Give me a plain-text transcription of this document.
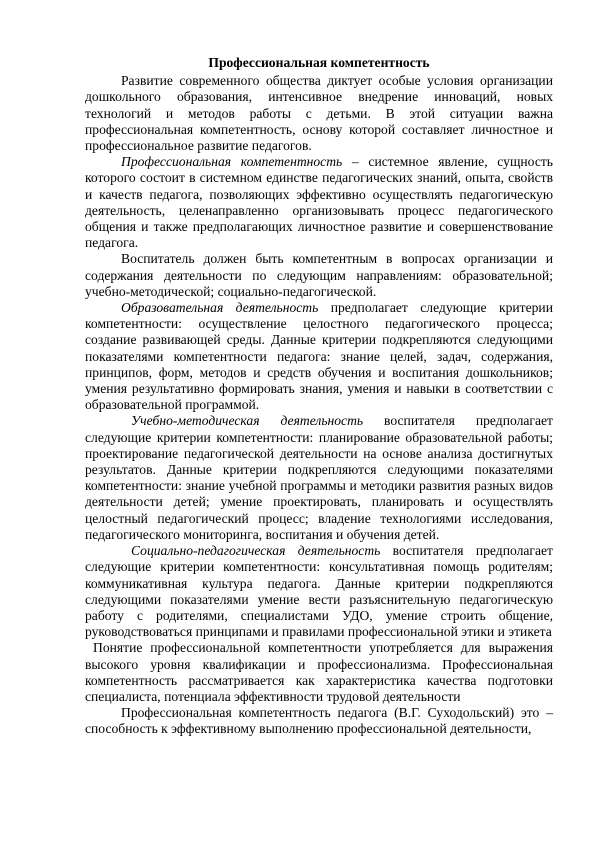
Профессиональная компетентность

Развитие современного общества диктует особые условия организации дошкольного образования, интенсивное внедрение инноваций, новых технологий и методов работы с детьми. В этой ситуации важна профессиональная компетентность, основу которой составляет личностное и профессиональное развитие педагогов.

Профессиональная компетентность – системное явление, сущность которого состоит в системном единстве педагогических знаний, опыта, свойств и качеств педагога, позволяющих эффективно осуществлять педагогическую деятельность, целенаправленно организовывать процесс педагогического общения и также предполагающих личностное развитие и совершенствование педагога.

Воспитатель должен быть компетентным в вопросах организации и содержания деятельности по следующим направлениям: образовательной; учебно-методической; социально-педагогической.

Образовательная деятельность предполагает следующие критерии компетентности: осуществление целостного педагогического процесса; создание развивающей среды. Данные критерии подкрепляются следующими показателями компетентности педагога: знание целей, задач, содержания, принципов, форм, методов и средств обучения и воспитания дошкольников; умения результативно формировать знания, умения и навыки в соответствии с образовательной программой.

Учебно-методическая деятельность воспитателя предполагает следующие критерии компетентности: планирование образовательной работы; проектирование педагогической деятельности на основе анализа достигнутых результатов. Данные критерии подкрепляются следующими показателями компетентности: знание учебной программы и методики развития разных видов деятельности детей; умение проектировать, планировать и осуществлять целостный педагогический процесс; владение технологиями исследования, педагогического мониторинга, воспитания и обучения детей.

Социально-педагогическая деятельность воспитателя предполагает следующие критерии компетентности: консультативная помощь родителям; коммуникативная культура педагога. Данные критерии подкрепляются следующими показателями умение вести разъяснительную педагогическую работу с родителями, специалистами УДО, умение строить общение, руководствоваться принципами и правилами профессиональной этики и этикета

Понятие профессиональной компетентности употребляется для выражения высокого уровня квалификации и профессионализма. Профессиональная компетентность рассматривается как характеристика качества подготовки специалиста, потенциала эффективности трудовой деятельности

Профессиональная компетентность педагога (В.Г. Суходольский) это – способность к эффективному выполнению профессиональной деятельности,
